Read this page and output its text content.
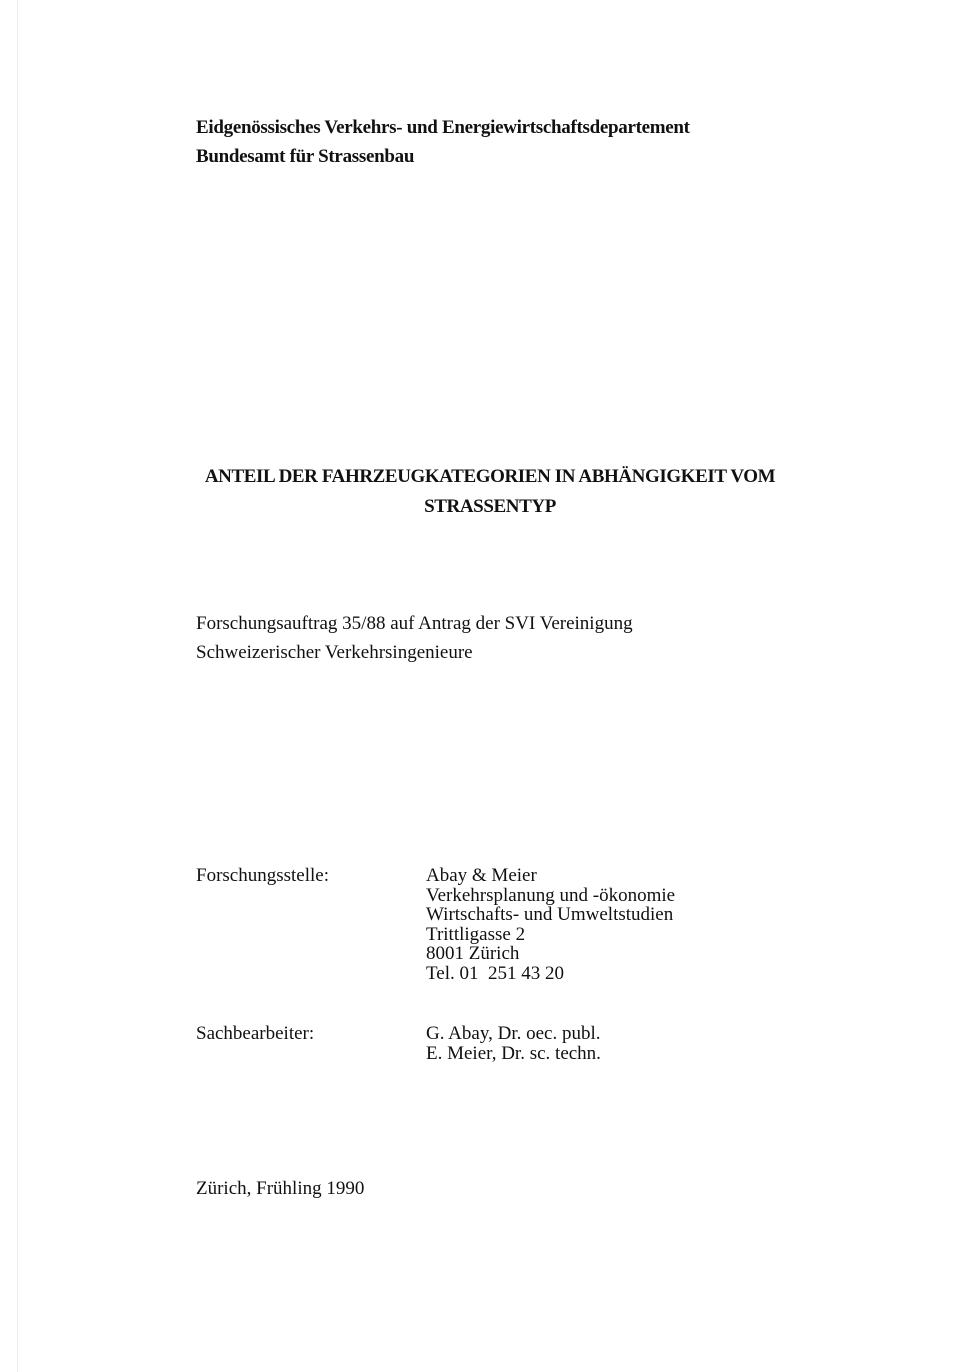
Eidgenössisches Verkehrs- und Energiewirtschaftsdepartement
Bundesamt für Strassenbau
ANTEIL DER FAHRZEUGKATEGORIEN IN ABHÄNGIGKEIT VOM
STRASSENTYP
Forschungsauftrag 35/88 auf Antrag der SVI Vereinigung
Schweizerischer Verkehrsingenieure
Forschungsstelle:	Abay & Meier
Verkehrsplanung und -ökonomie
Wirtschafts- und Umweltstudien
Trittligasse 2
8001 Zürich
Tel. 01  251 43 20
Sachbearbeiter:	G. Abay, Dr. oec. publ.
E. Meier, Dr. sc. techn.
Zürich, Frühling 1990
